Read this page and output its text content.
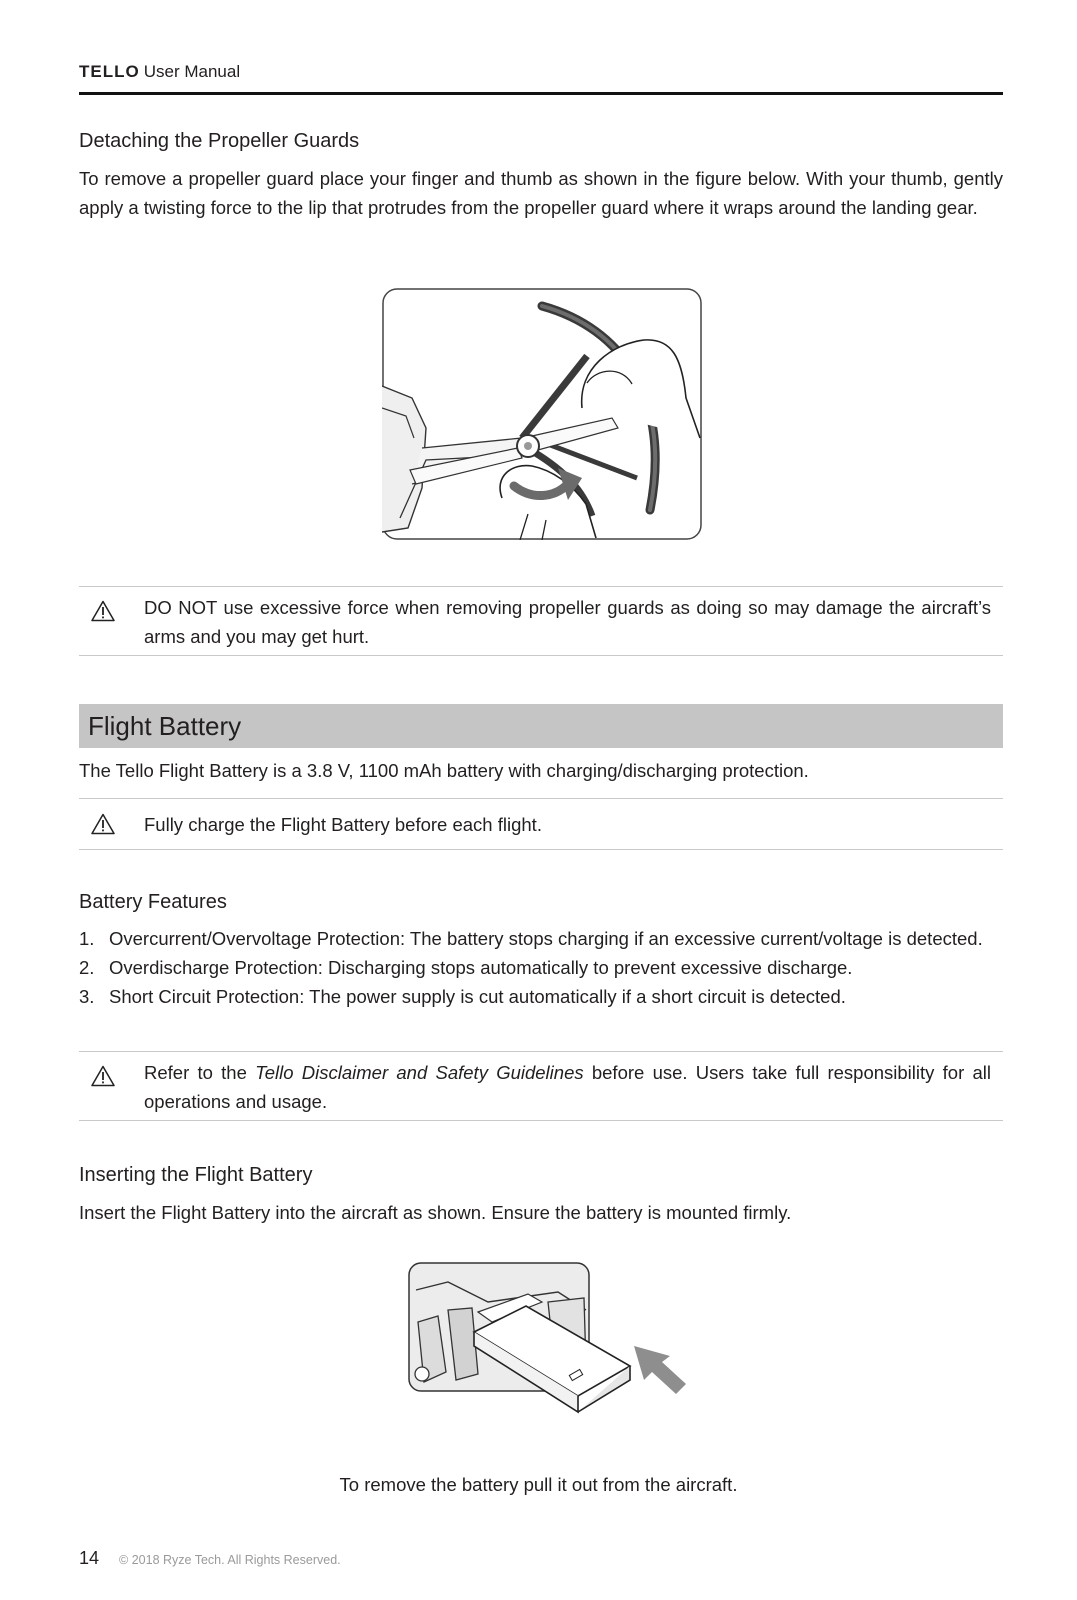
TELLO User Manual
Detaching the Propeller Guards
To remove a propeller guard place your finger and thumb as shown in the figure below. With your thumb, gently apply a twisting force to the lip that protrudes from the propeller guard where it wraps around the landing gear.
DO NOT use excessive force when removing propeller guards as doing so may damage the aircraft’s arms and you may get hurt.
Flight Battery
The Tello Flight Battery is a 3.8 V, 1100 mAh battery with charging/discharging protection.
Fully charge the Flight Battery before each flight.
Battery Features
1. Overcurrent/Overvoltage Protection: The battery stops charging if an excessive current/voltage is detected.
2. Overdischarge Protection: Discharging stops automatically to prevent excessive discharge.
3. Short Circuit Protection: The power supply is cut automatically if a short circuit is detected.
Refer to the Tello Disclaimer and Safety Guidelines before use. Users take full responsibility for all operations and usage.
Inserting the Flight Battery
Insert the Flight Battery into the aircraft as shown. Ensure the battery is mounted firmly.
To remove the battery pull it out from the aircraft.
14 © 2018 Ryze Tech. All Rights Reserved.
